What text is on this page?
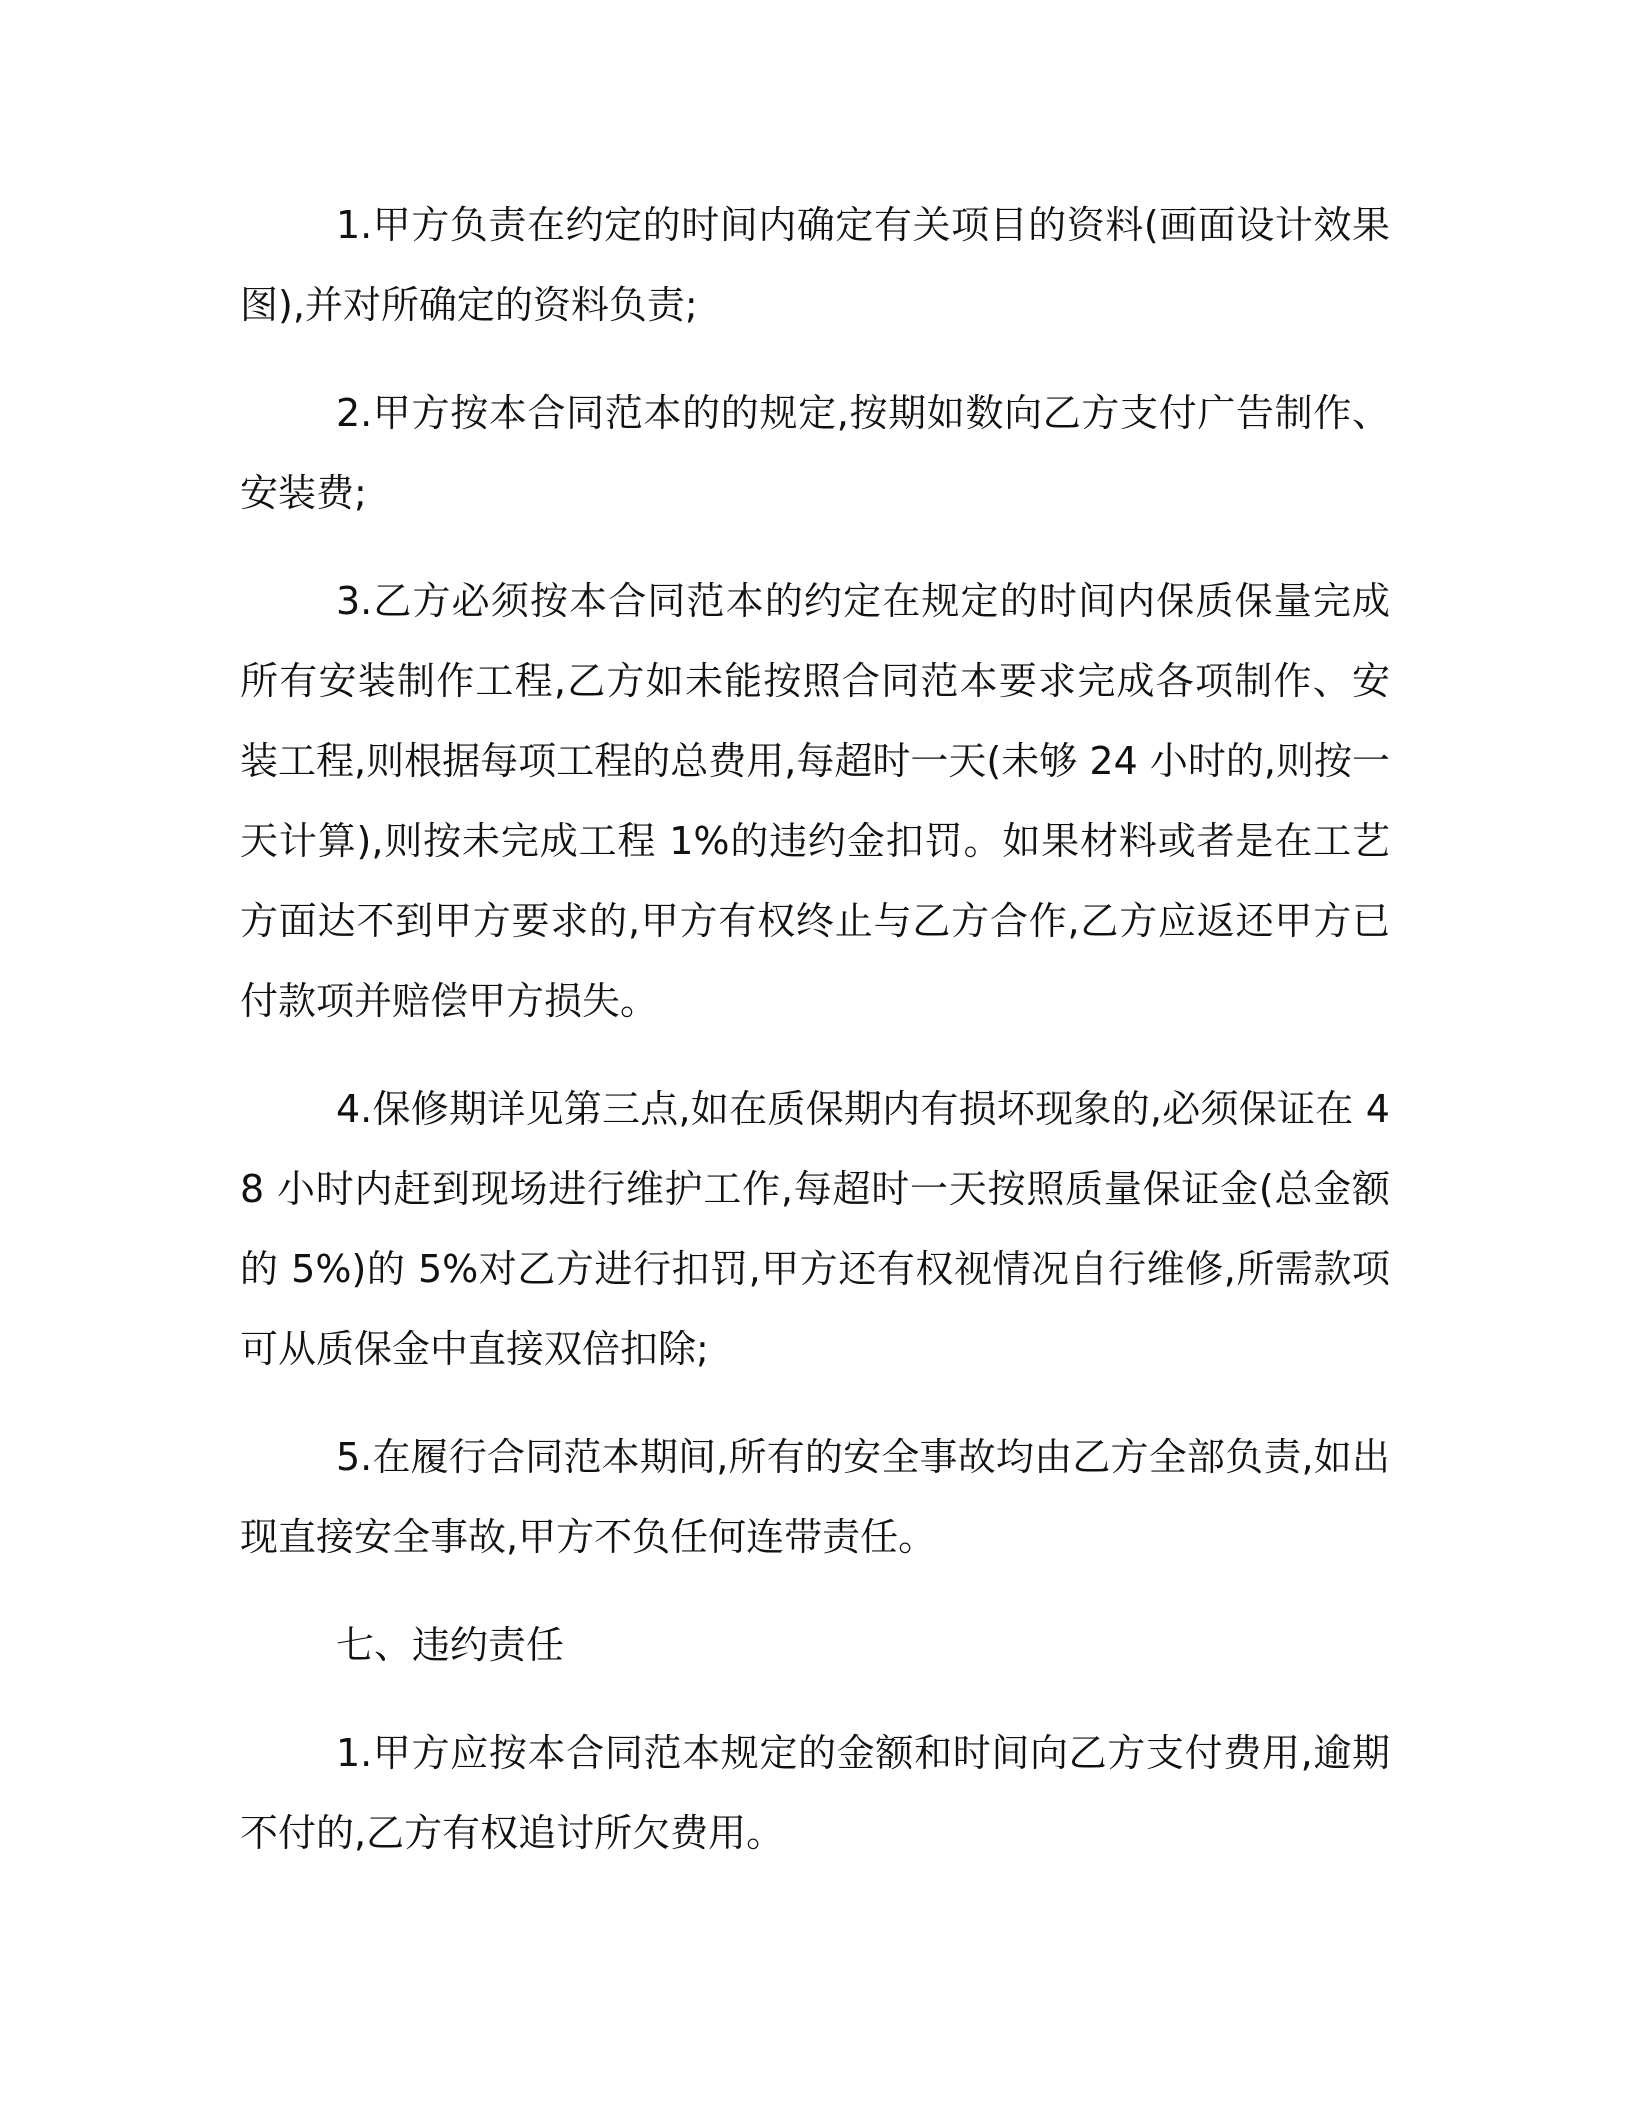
1.甲方负责在约定的时间内确定有关项目的资料(画面设计效果图),并对所确定的资料负责;

2.甲方按本合同范本的的规定,按期如数向乙方支付广告制作、安装费;

3.乙方必须按本合同范本的约定在规定的时间内保质保量完成所有安装制作工程,乙方如未能按照合同范本要求完成各项制作、安装工程,则根据每项工程的总费用,每超时一天(未够 24 小时的,则按一天计算),则按未完成工程 1%的违约金扣罚。如果材料或者是在工艺方面达不到甲方要求的,甲方有权终止与乙方合作,乙方应返还甲方已付款项并赔偿甲方损失。

4.保修期详见第三点,如在质保期内有损坏现象的,必须保证在 48 小时内赶到现场进行维护工作,每超时一天按照质量保证金(总金额的 5%)的 5%对乙方进行扣罚,甲方还有权视情况自行维修,所需款项可从质保金中直接双倍扣除;

5.在履行合同范本期间,所有的安全事故均由乙方全部负责,如出现直接安全事故,甲方不负任何连带责任。

七、违约责任

1.甲方应按本合同范本规定的金额和时间向乙方支付费用,逾期不付的,乙方有权追讨所欠费用。
